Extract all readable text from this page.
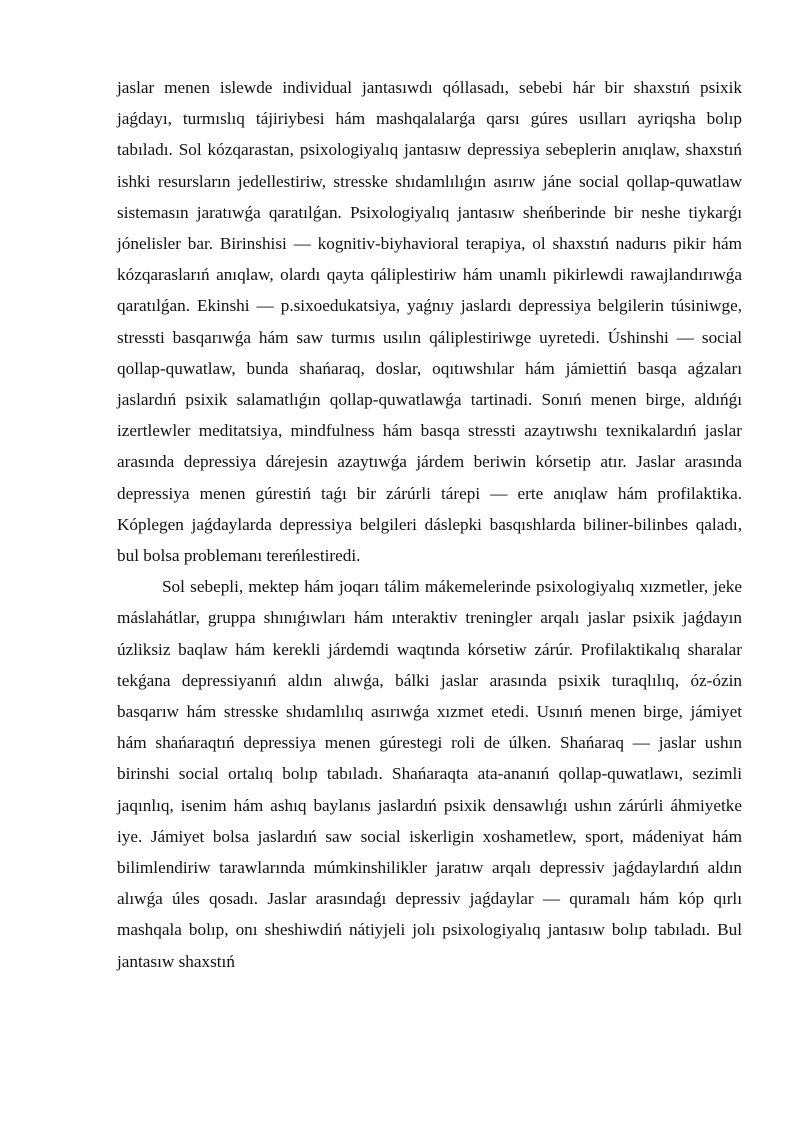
jaslar menen islewde individual jantasıwdı qóllasadı, sebebi hár bir shaxstıń psixik jaǵdayı, turmıslıq tájiriybesi hám mashqalalarǵa qarsı gúres usılları ayriqsha bolıp tabıladı. Sol kózqarastan, psixologiyalıq jantasıw depressiya sebeplerin anıqlaw, shaxstıń ishki resursların jedellestiriw, stresske shıdamlılıǵın asırıw jáne social qollap-quwatlaw sistemasın jaratıwǵa qaratılǵan. Psixologiyalıq jantasıw sheńberinde bir neshe tiykarǵı jónelisler bar. Birinshisi — kognitiv-biyhavioral terapiya, ol shaxstıń nadurıs pikir hám kózqaraslarıń anıqlaw, olardı qayta qáliplestiriw hám unamlı pikirlewdi rawajlandırıwǵa qaratılǵan. Ekinshi — p.sixoedukatsiya, yaǵnıy jaslardı depressiya belgilerin túsiniwge, stressti basqarıwǵa hám saw turmıs usılın qáliplestiriwge uyretedi. Úshinshi — social qollap-quwatlaw, bunda shańaraq, doslar, oqıtıwshılar hám jámiettiń basqa aǵzaları jaslardıń psixik salamatlıǵın qollap-quwatlawǵa tartinadi. Sonıń menen birge, aldıńǵı izertlewler meditatsiya, mindfulness hám basqa stressti azaytıwshı texnikalardıń jaslar arasında depressiya dárejesin azaytıwǵa járdem beriwin kórsetip atır. Jaslar arasında depressiya menen gúrestiń taǵı bir zárúrli tárepi — erte anıqlaw hám profilaktika. Kóplegen jaǵdaylarda depressiya belgileri dáslepki basqıshlarda biliner-bilinbes qaladı, bul bolsa problemanı tereńlestiredi.

Sol sebepli, mektep hám joqarı tálim mákemelerinde psixologiyalıq xızmetler, jeke máslahátlar, gruppa shınıǵıwları hám ınteraktiv treningler arqalı jaslar psixik jaǵdayın úzliksiz baqlaw hám kerekli járdemdi waqtında kórsetiw zárúr. Profilaktikalıq sharalar tekǵana depressiyanıń aldın alıwǵa, bálki jaslar arasında psixik turaqlılıq, óz-ózin basqarıw hám stresske shıdamlılıq asırıwǵa xızmet etedi. Usınıń menen birge, jámiyet hám shańaraqtıń depressiya menen gúrestegi roli de úlken. Shańaraq — jaslar ushın birinshi social ortalıq bolıp tabıladı. Shańaraqta ata-ananıń qollap-quwatlawı, sezimli jaqınlıq, isenim hám ashıq baylanıs jaslardıń psixik densawlıǵı ushın zárúrli áhmiyetke iye. Jámiyet bolsa jaslardıń saw social iskerligin xoshametlew, sport, mádeniyat hám bilimlendiriw tarawlarında múmkinshilikler jaratıw arqalı depressiv jaǵdaylardıń aldın alıwǵa úles qosadı. Jaslar arasındaǵı depressiv jaǵdaylar — quramalı hám kóp qırlı mashqala bolıp, onı sheshiwdiń nátiyjeli jolı psixologiyalıq jantasıw bolıp tabıladı. Bul jantasıw shaxstıń
